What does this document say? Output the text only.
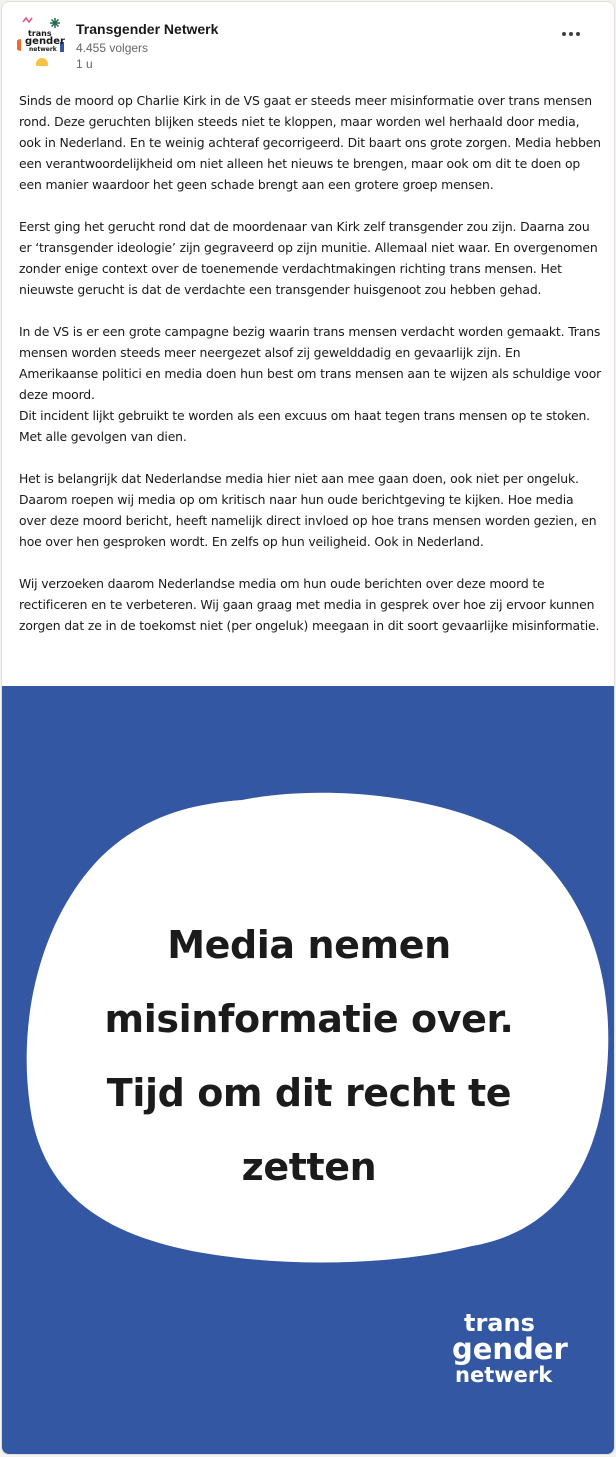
trans
gender
netwerk
Transgender Netwerk
4.455 volgers
1 u

Sinds de moord op Charlie Kirk in de VS gaat er steeds meer misinformatie over trans mensen rond. Deze geruchten blijken steeds niet te kloppen, maar worden wel herhaald door media, ook in Nederland. En te weinig achteraf gecorrigeerd. Dit baart ons grote zorgen. Media hebben een verantwoordelijkheid om niet alleen het nieuws te brengen, maar ook om dit te doen op een manier waardoor het geen schade brengt aan een grotere groep mensen.

Eerst ging het gerucht rond dat de moordenaar van Kirk zelf transgender zou zijn. Daarna zou er ‘transgender ideologie’ zijn gegraveerd op zijn munitie. Allemaal niet waar. En overgenomen zonder enige context over de toenemende verdachtmakingen richting trans mensen. Het nieuwste gerucht is dat de verdachte een transgender huisgenoot zou hebben gehad.

In de VS is er een grote campagne bezig waarin trans mensen verdacht worden gemaakt. Trans mensen worden steeds meer neergezet alsof zij gewelddadig en gevaarlijk zijn. En Amerikaanse politici en media doen hun best om trans mensen aan te wijzen als schuldige voor deze moord.
Dit incident lijkt gebruikt te worden als een excuus om haat tegen trans mensen op te stoken. Met alle gevolgen van dien.

Het is belangrijk dat Nederlandse media hier niet aan mee gaan doen, ook niet per ongeluk. Daarom roepen wij media op om kritisch naar hun oude berichtgeving te kijken. Hoe media over deze moord bericht, heeft namelijk direct invloed op hoe trans mensen worden gezien, en hoe over hen gesproken wordt. En zelfs op hun veiligheid. Ook in Nederland.

Wij verzoeken daarom Nederlandse media om hun oude berichten over deze moord te rectificeren en te verbeteren. Wij gaan graag met media in gesprek over hoe zij ervoor kunnen zorgen dat ze in de toekomst niet (per ongeluk) meegaan in dit soort gevaarlijke misinformatie.

Media nemen
misinformatie over.
Tijd om dit recht te
zetten
trans
gender
netwerk
